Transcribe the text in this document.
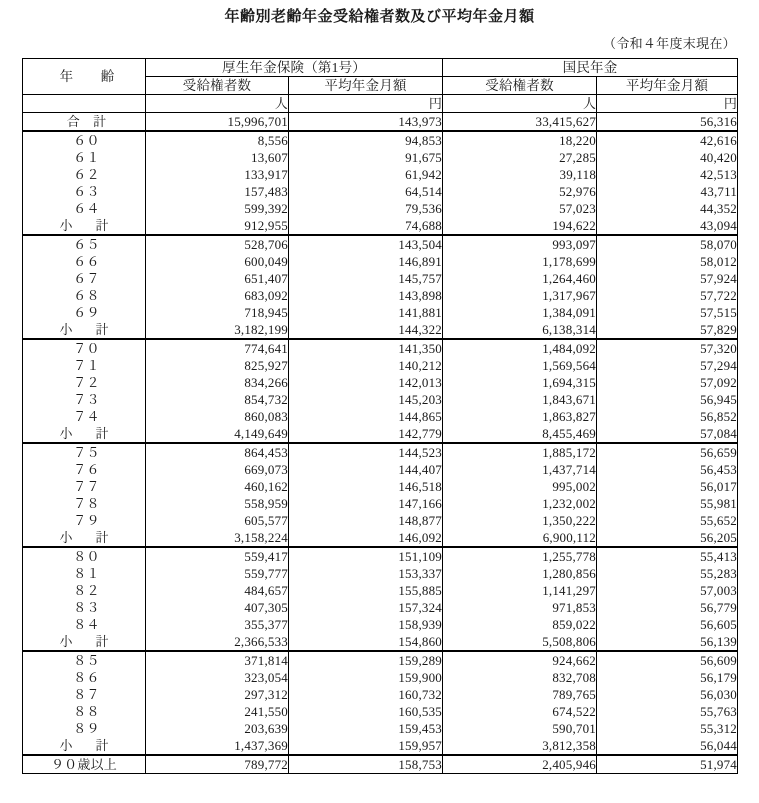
年齢別老齢年金受給権者数及び平均年金月額
（令和４年度末現在）
年　　齢	厚生年金保険（第1号）		国民年金	
	受給権者数	平均年金月額	受給権者数	平均年金月額
	人	円	人	円
合　計	15,996,701	143,973	33,415,627	56,316
６０	8,556	94,853	18,220	42,616
６１	13,607	91,675	27,285	40,420
６２	133,917	61,942	39,118	42,513
６３	157,483	64,514	52,976	43,711
６４	599,392	79,536	57,023	44,352
小　計	912,955	74,688	194,622	43,094
６５	528,706	143,504	993,097	58,070
６６	600,049	146,891	1,178,699	58,012
６７	651,407	145,757	1,264,460	57,924
６８	683,092	143,898	1,317,967	57,722
６９	718,945	141,881	1,384,091	57,515
小　計	3,182,199	144,322	6,138,314	57,829
７０	774,641	141,350	1,484,092	57,320
７１	825,927	140,212	1,569,564	57,294
７２	834,266	142,013	1,694,315	57,092
７３	854,732	145,203	1,843,671	56,945
７４	860,083	144,865	1,863,827	56,852
小　計	4,149,649	142,779	8,455,469	57,084
７５	864,453	144,523	1,885,172	56,659
７６	669,073	144,407	1,437,714	56,453
７７	460,162	146,518	995,002	56,017
７８	558,959	147,166	1,232,002	55,981
７９	605,577	148,877	1,350,222	55,652
小　計	3,158,224	146,092	6,900,112	56,205
８０	559,417	151,109	1,255,778	55,413
８１	559,777	153,337	1,280,856	55,283
８２	484,657	155,885	1,141,297	57,003
８３	407,305	157,324	971,853	56,779
８４	355,377	158,939	859,022	56,605
小　計	2,366,533	154,860	5,508,806	56,139
８５	371,814	159,289	924,662	56,609
８６	323,054	159,900	832,708	56,179
８７	297,312	160,732	789,765	56,030
８８	241,550	160,535	674,522	55,763
８９	203,639	159,453	590,701	55,312
小　計	1,437,369	159,957	3,812,358	56,044
９０歳以上	789,772	158,753	2,405,946	51,974
